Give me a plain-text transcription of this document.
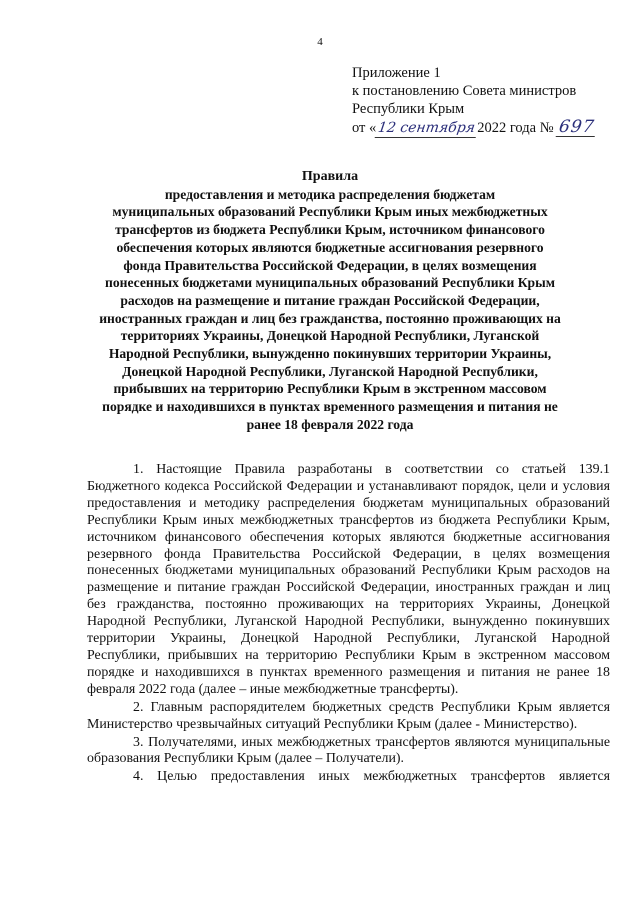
4
Приложение 1
к постановлению Совета министров
Республики Крым
от «12 сентября2022 года № 697
Правила
предоставления и методика распределения бюджетам
муниципальных образований Республики Крым иных межбюджетных
трансфертов из бюджета Республики Крым, источником финансового
обеспечения которых являются бюджетные ассигнования резервного
фонда Правительства Российской Федерации, в целях возмещения
понесенных бюджетами муниципальных образований Республики Крым
расходов на размещение и питание граждан Российской Федерации,
иностранных граждан и лиц без гражданства, постоянно проживающих на
территориях Украины, Донецкой Народной Республики, Луганской
Народной Республики, вынужденно покинувших территории Украины,
Донецкой Народной Республики, Луганской Народной Республики,
прибывших на территорию Республики Крым в экстренном массовом
порядке и находившихся в пунктах временного размещения и питания не
ранее 18 февраля 2022 года

1. Настоящие Правила разработаны в соответствии со статьей 139.1 Бюджетного кодекса Российской Федерации и устанавливают порядок, цели и условия предоставления и методику распределения бюджетам муниципальных образований Республики Крым иных межбюджетных трансфертов из бюджета Республики Крым, источником финансового обеспечения которых являются бюджетные ассигнования резервного фонда Правительства Российской Федерации, в целях возмещения понесенных бюджетами муниципальных образований Республики Крым расходов на размещение и питание граждан Российской Федерации, иностранных граждан и лиц без гражданства, постоянно проживающих на территориях Украины, Донецкой Народной Республики, Луганской Народной Республики, вынужденно покинувших территории Украины, Донецкой Народной Республики, Луганской Народной Республики, прибывших на территорию Республики Крым в экстренном массовом порядке и находившихся в пунктах временного размещения и питания не ранее 18 февраля 2022 года (далее – иные межбюджетные трансферты).

2. Главным распорядителем бюджетных средств Республики Крым является Министерство чрезвычайных ситуаций Республики Крым (далее - Министерство).

3. Получателями, иных межбюджетных трансфертов являются муниципальные образования Республики Крым (далее – Получатели).

4. Целью предоставления иных межбюджетных трансфертов является
